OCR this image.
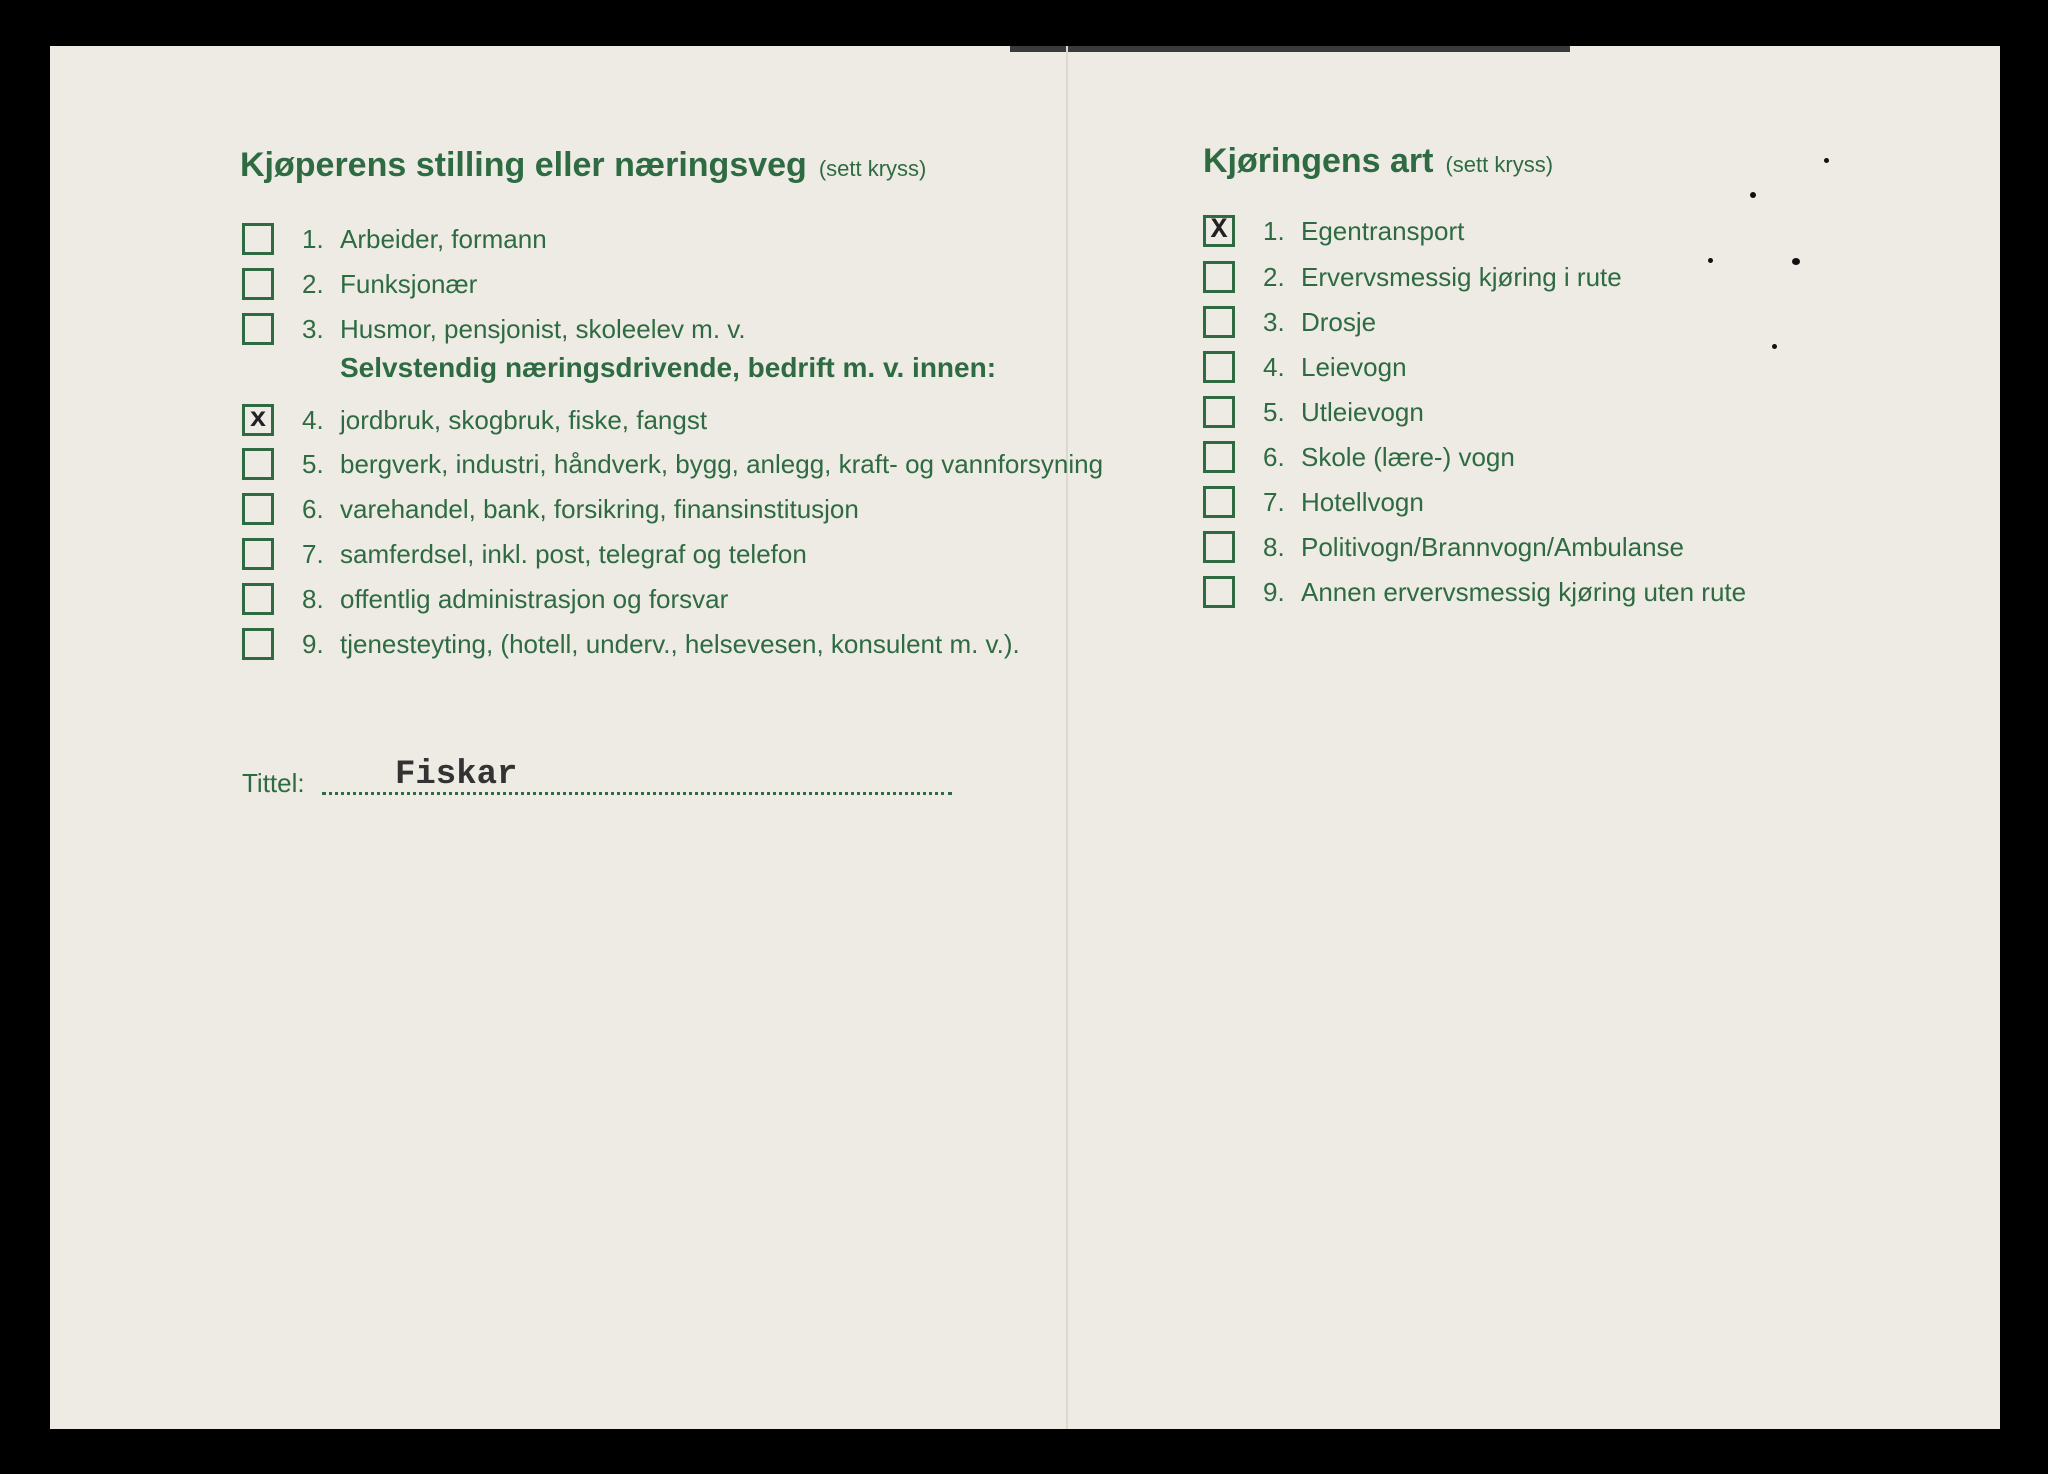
Kjøperens stilling eller næringsveg (sett kryss)
1. Arbeider, formann
2. Funksjonær
3. Husmor, pensjonist, skoleelev m. v.
Selvstendig næringsdrivende, bedrift m. v. innen:
x 4. jordbruk, skogbruk, fiske, fangst
5. bergverk, industri, håndverk, bygg, anlegg, kraft- og vannforsyning
6. varehandel, bank, forsikring, finansinstitusjon
7. samferdsel, inkl. post, telegraf og telefon
8. offentlig administrasjon og forsvar
9. tjenesteyting, (hotell, underv., helsevesen, konsulent m. v.).
Tittel:	Fiskar
Kjøringens art (sett kryss)
X 1. Egentransport
2. Ervervsmessig kjøring i rute
3. Drosje
4. Leievogn
5. Utleievogn
6. Skole (lære-) vogn
7. Hotellvogn
8. Politivogn/Brannvogn/Ambulanse
9. Annen ervervsmessig kjøring uten rute
